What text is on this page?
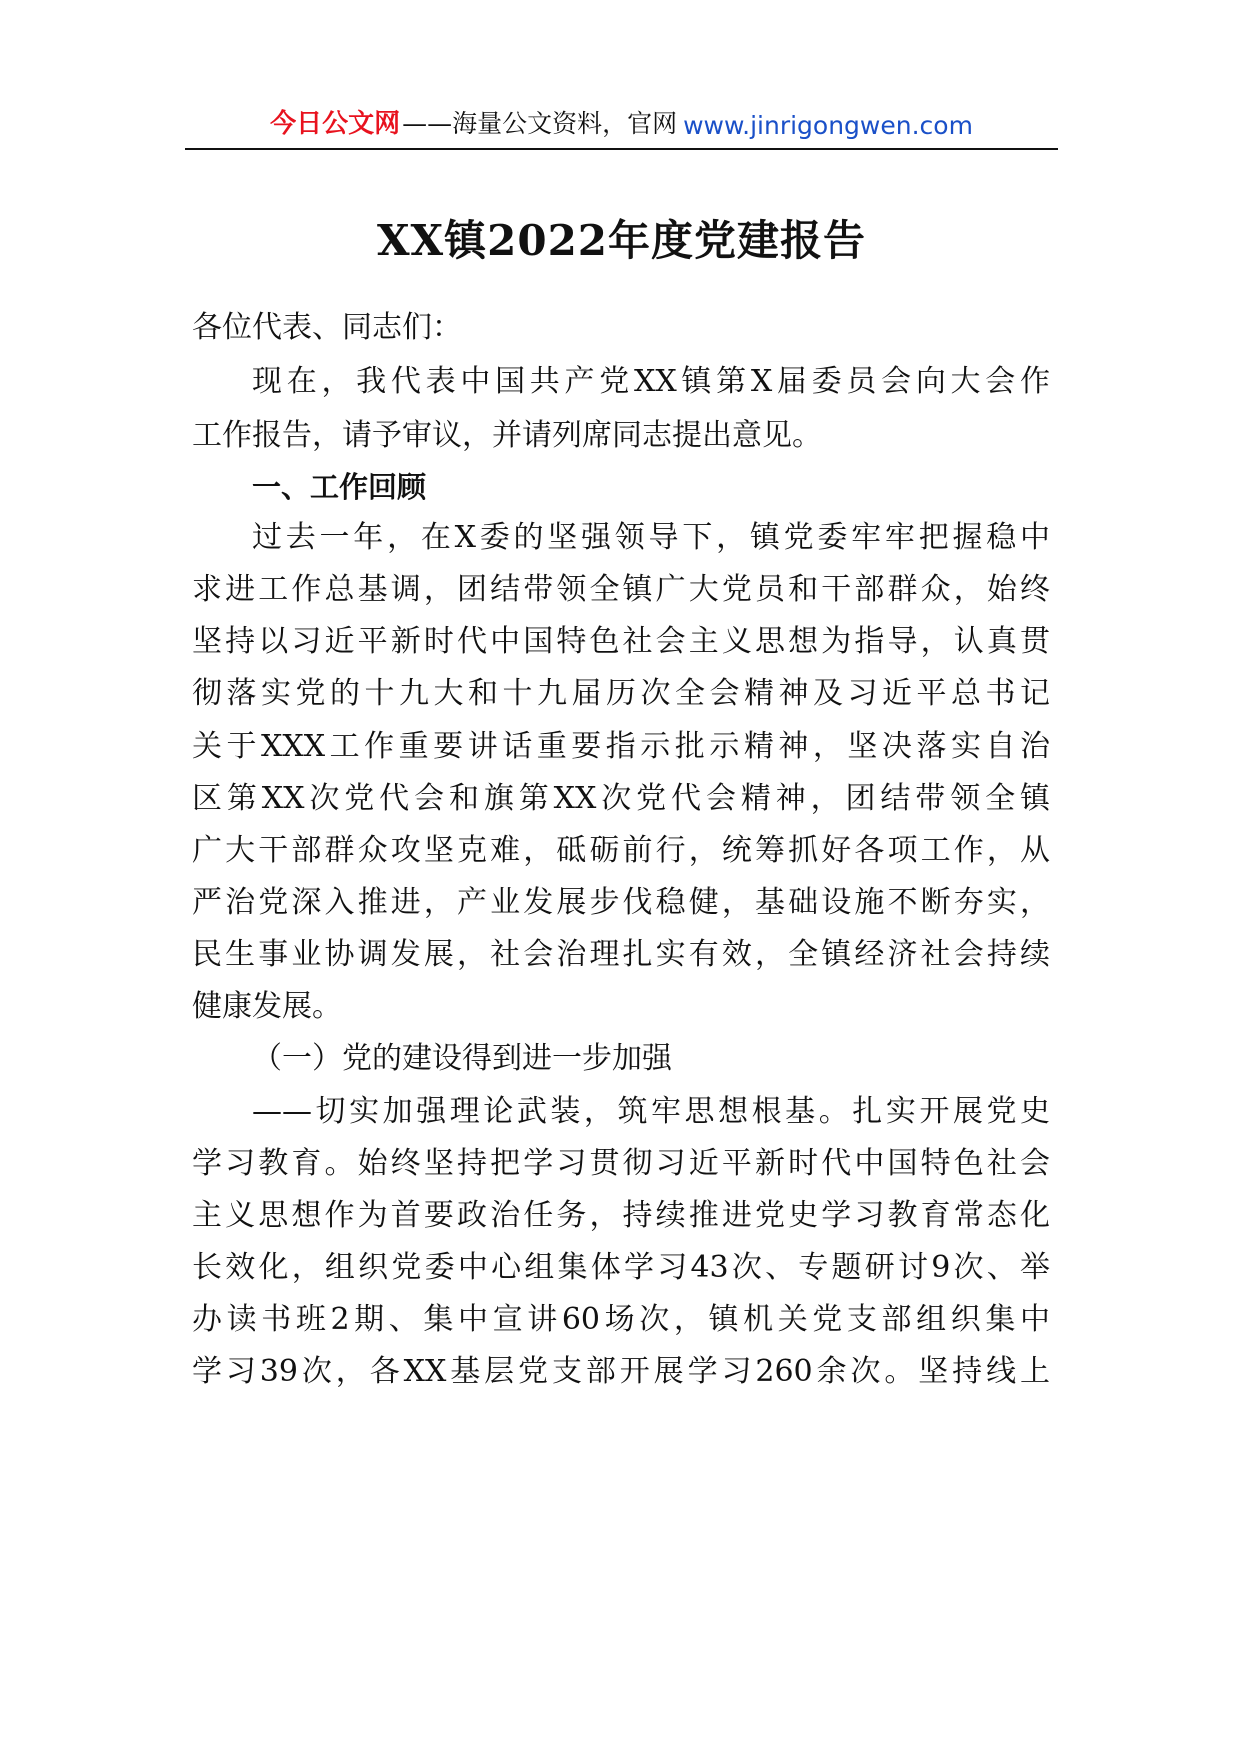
今日公文网 ——海量公文资料，官网 www.jinrigongwen.com
XX镇2022年度党建报告
各位代表、同志们：
现在，我代表中国共产党XX镇第X届委员会向大会作
工作报告，请予审议，并请列席同志提出意见。
一、工作回顾
过去一年，在X委的坚强领导下，镇党委牢牢把握稳中
求进工作总基调，团结带领全镇广大党员和干部群众，始终
坚持以习近平新时代中国特色社会主义思想为指导，认真贯
彻落实党的十九大和十九届历次全会精神及习近平总书记
关于XXX工作重要讲话重要指示批示精神，坚决落实自治
区第XX次党代会和旗第XX次党代会精神，团结带领全镇
广大干部群众攻坚克难，砥砺前行，统筹抓好各项工作，从
严治党深入推进，产业发展步伐稳健，基础设施不断夯实，
民生事业协调发展，社会治理扎实有效，全镇经济社会持续
健康发展。
（一）党的建设得到进一步加强
——切实加强理论武装，筑牢思想根基。扎实开展党史
学习教育。始终坚持把学习贯彻习近平新时代中国特色社会
主义思想作为首要政治任务，持续推进党史学习教育常态化
长效化，组织党委中心组集体学习43次、专题研讨9次、举
办读书班2期、集中宣讲60场次，镇机关党支部组织集中
学习39次，各XX基层党支部开展学习260余次。坚持线上
